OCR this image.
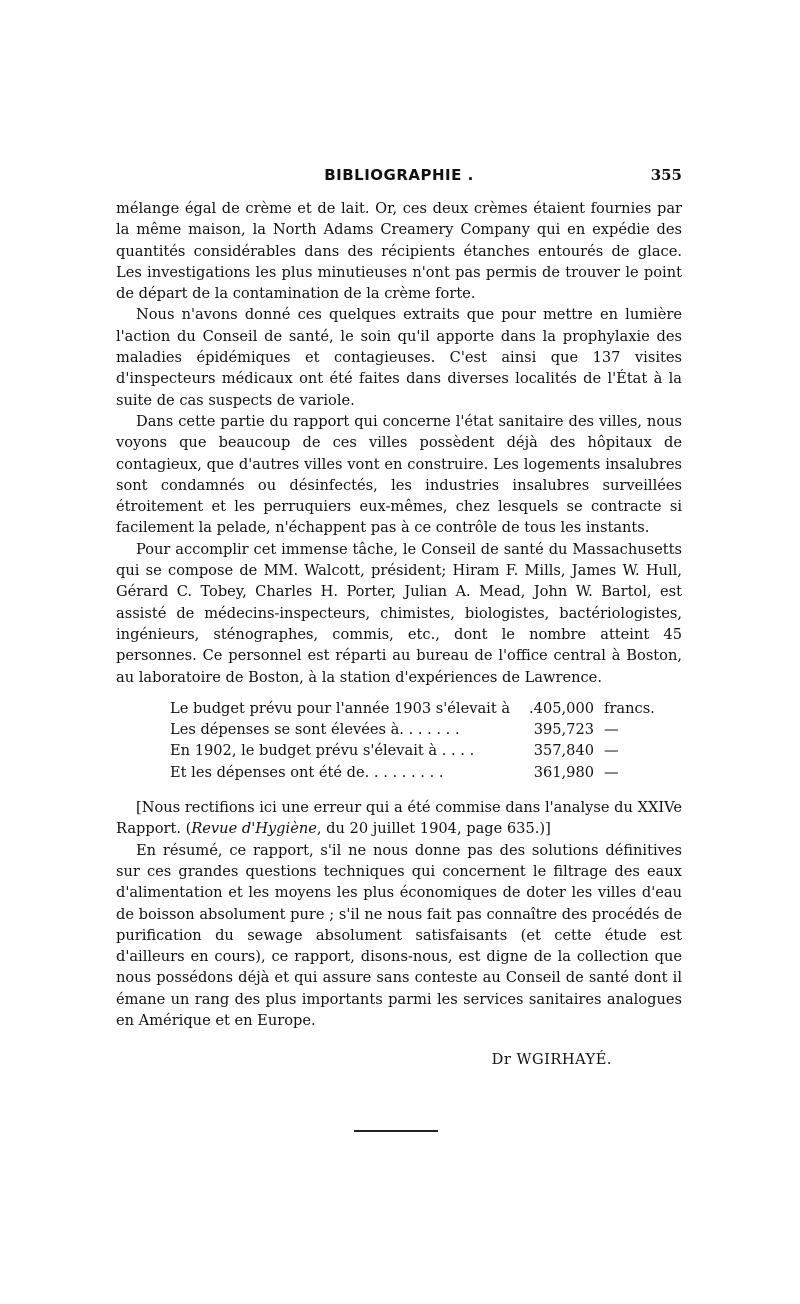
BIBLIOGRAPHIE .	355

mélange égal de crème et de lait. Or, ces deux crèmes étaient fournies par la même maison, la North Adams Creamery Company qui en expédie des quantités considérables dans des récipients étanches entourés de glace. Les investigations les plus minutieuses n'ont pas permis de trouver le point de départ de la contamination de la crème forte.

Nous n'avons donné ces quelques extraits que pour mettre en lumière l'action du Conseil de santé, le soin qu'il apporte dans la prophylaxie des maladies épidémiques et contagieuses. C'est ainsi que 137 visites d'inspecteurs médicaux ont été faites dans diverses localités de l'État à la suite de cas suspects de variole.

Dans cette partie du rapport qui concerne l'état sanitaire des villes, nous voyons que beaucoup de ces villes possèdent déjà des hôpitaux de contagieux, que d'autres villes vont en construire. Les logements insalubres sont condamnés ou désinfectés, les industries insalubres surveillées étroitement et les perruquiers eux-mêmes, chez lesquels se contracte si facilement la pelade, n'échappent pas à ce contrôle de tous les instants.

Pour accomplir cet immense tâche, le Conseil de santé du Massachusetts qui se compose de MM. Walcott, président; Hiram F. Mills, James W. Hull, Gérard C. Tobey, Charles H. Porter, Julian A. Mead, John W. Bartol, est assisté de médecins-inspecteurs, chimistes, biologistes, bactériologistes, ingénieurs, sténographes, commis, etc., dont le nombre atteint 45 personnes. Ce personnel est réparti au bureau de l'office central à Boston, au laboratoire de Boston, à la station d'expériences de Lawrence.

Le budget prévu pour l'année 1903 s'élevait à	.405,000	francs.
Les dépenses se sont élevées à. . . . . . .	395,723	—
En 1902, le budget prévu s'élevait à . . . .	357,840	—
Et les dépenses ont été de. . . . . . . . .	361,980	—

[Nous rectifions ici une erreur qui a été commise dans l'analyse du XXIVe Rapport. (Revue d'Hygiène, du 20 juillet 1904, page 635.)]

En résumé, ce rapport, s'il ne nous donne pas des solutions définitives sur ces grandes questions techniques qui concernent le filtrage des eaux d'alimentation et les moyens les plus économiques de doter les villes d'eau de boisson absolument pure ; s'il ne nous fait pas connaître des procédés de purification du sewage absolument satisfaisants (et cette étude est d'ailleurs en cours), ce rapport, disons-nous, est digne de la collection que nous possédons déjà et qui assure sans conteste au Conseil de santé dont il émane un rang des plus importants parmi les services sanitaires analogues en Amérique et en Europe.

Dr WGIRHAYÉ.
